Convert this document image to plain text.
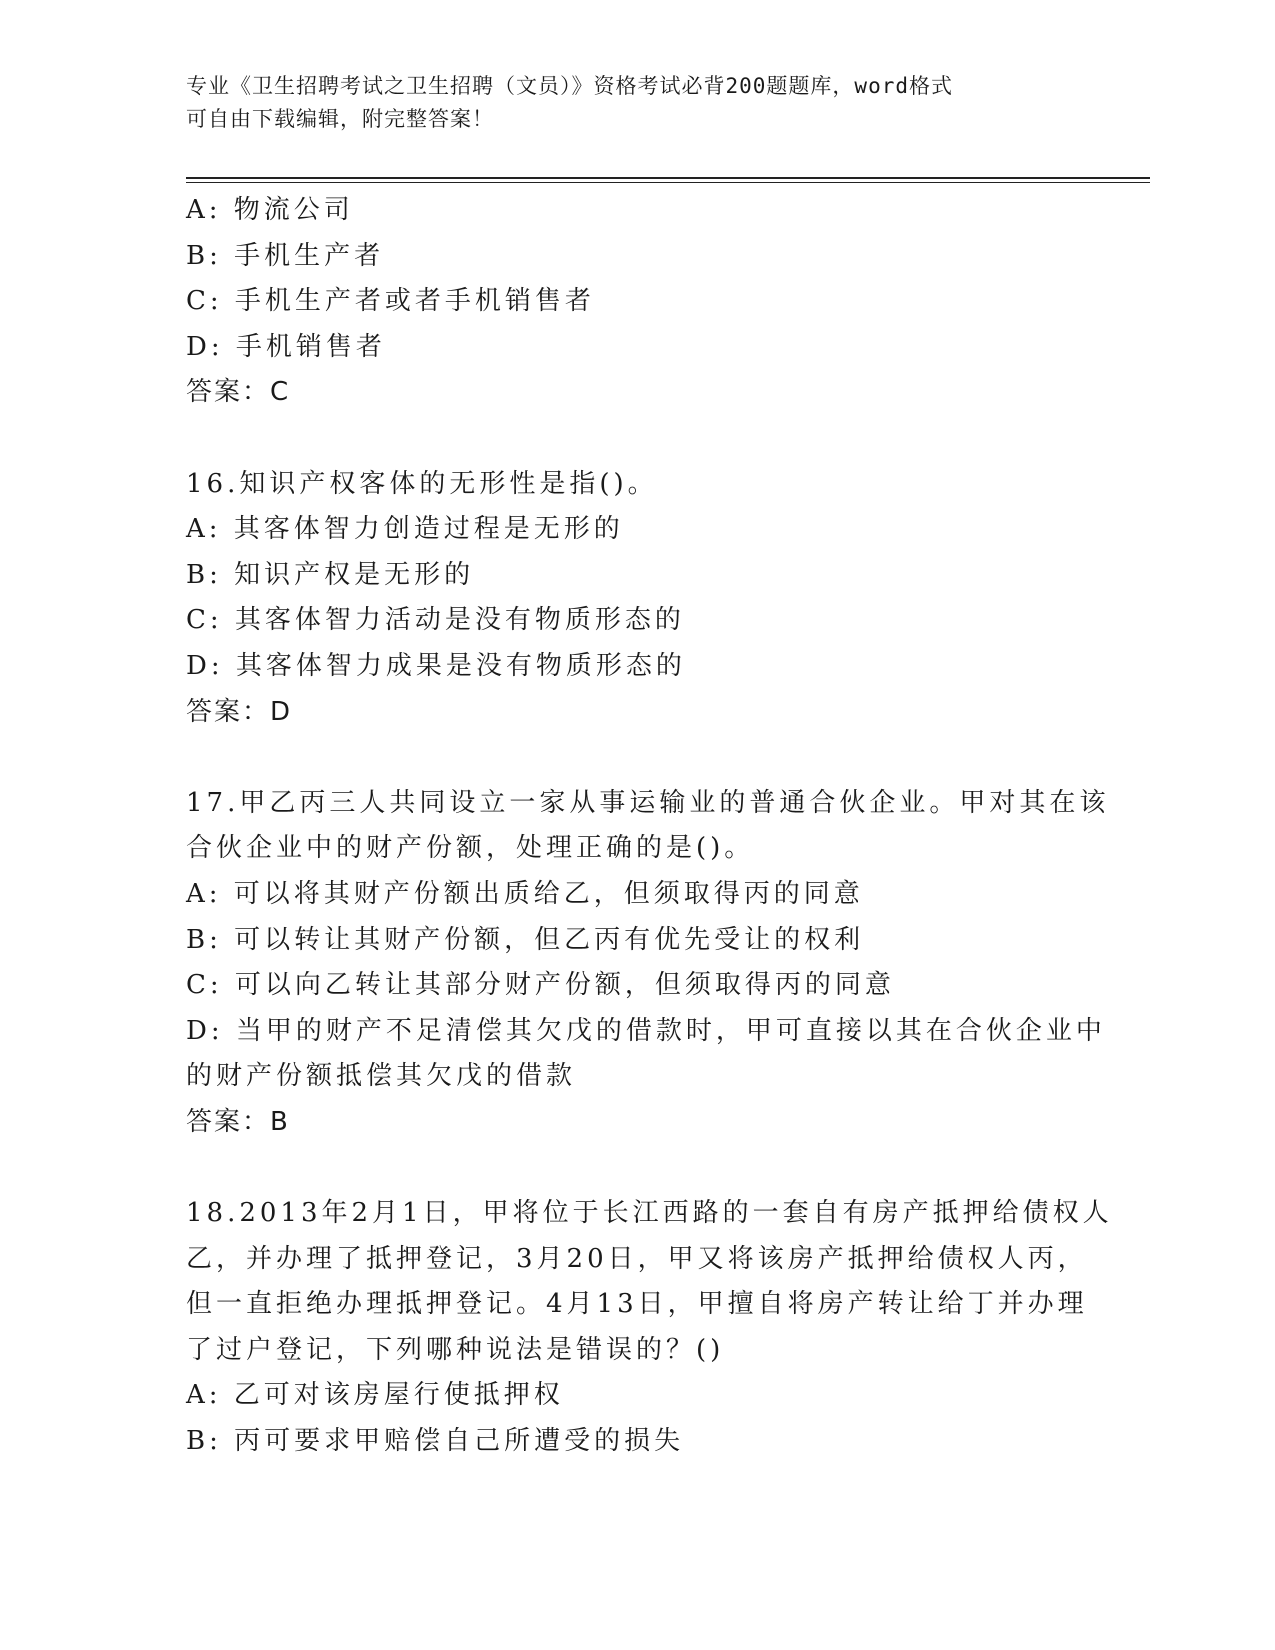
专业《卫生招聘考试之卫生招聘（文员）》资格考试必背200题题库，word格式
可自由下载编辑，附完整答案！
A: 物流公司
B: 手机生产者
C: 手机生产者或者手机销售者
D: 手机销售者
答案：C
16.知识产权客体的无形性是指()。
A: 其客体智力创造过程是无形的
B: 知识产权是无形的
C: 其客体智力活动是没有物质形态的
D: 其客体智力成果是没有物质形态的
答案：D
17.甲乙丙三人共同设立一家从事运输业的普通合伙企业。甲对其在该
合伙企业中的财产份额，处理正确的是()。
A: 可以将其财产份额出质给乙，但须取得丙的同意
B: 可以转让其财产份额，但乙丙有优先受让的权利
C: 可以向乙转让其部分财产份额，但须取得丙的同意
D: 当甲的财产不足清偿其欠戊的借款时，甲可直接以其在合伙企业中
的财产份额抵偿其欠戊的借款
答案：B
18.2013年2月1日，甲将位于长江西路的一套自有房产抵押给债权人
乙，并办理了抵押登记，3月20日，甲又将该房产抵押给债权人丙，
但一直拒绝办理抵押登记。4月13日，甲擅自将房产转让给丁并办理
了过户登记，下列哪种说法是错误的？()
A: 乙可对该房屋行使抵押权
B: 丙可要求甲赔偿自己所遭受的损失
